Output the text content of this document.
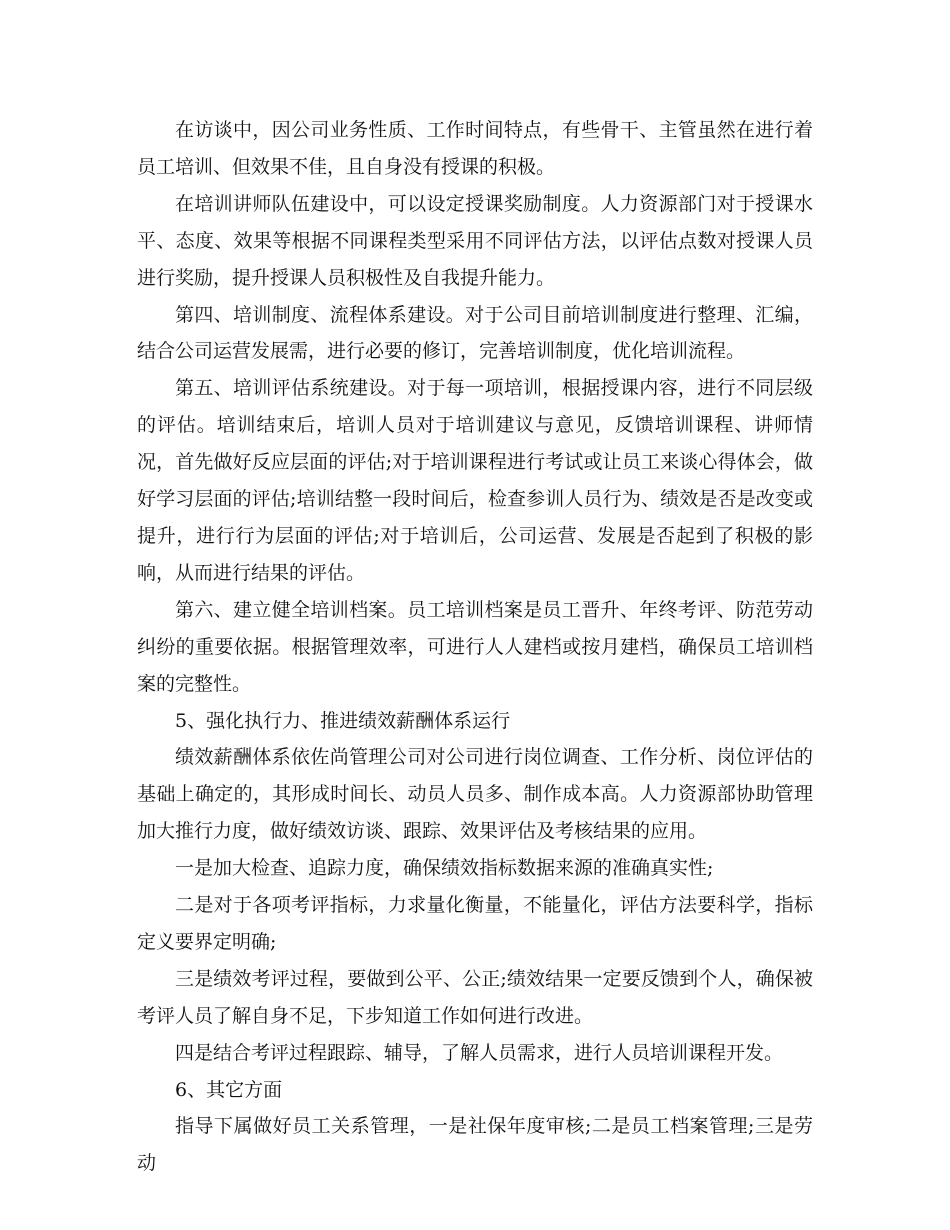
在访谈中，因公司业务性质、工作时间特点，有些骨干、主管虽然在进行着员工培训、但效果不佳，且自身没有授课的积极。

在培训讲师队伍建设中，可以设定授课奖励制度。人力资源部门对于授课水平、态度、效果等根据不同课程类型采用不同评估方法，以评估点数对授课人员进行奖励，提升授课人员积极性及自我提升能力。

第四、培训制度、流程体系建设。对于公司目前培训制度进行整理、汇编，结合公司运营发展需，进行必要的修订，完善培训制度，优化培训流程。

第五、培训评估系统建设。对于每一项培训，根据授课内容，进行不同层级的评估。培训结束后，培训人员对于培训建议与意见，反馈培训课程、讲师情况，首先做好反应层面的评估;对于培训课程进行考试或让员工来谈心得体会，做好学习层面的评估;培训结整一段时间后，检查参训人员行为、绩效是否是改变或提升，进行行为层面的评估;对于培训后，公司运营、发展是否起到了积极的影响，从而进行结果的评估。

第六、建立健全培训档案。员工培训档案是员工晋升、年终考评、防范劳动纠纷的重要依据。根据管理效率，可进行人人建档或按月建档，确保员工培训档案的完整性。

5、强化执行力、推进绩效薪酬体系运行

绩效薪酬体系依佐尚管理公司对公司进行岗位调查、工作分析、岗位评估的基础上确定的，其形成时间长、动员人员多、制作成本高。人力资源部协助管理加大推行力度，做好绩效访谈、跟踪、效果评估及考核结果的应用。

一是加大检查、追踪力度，确保绩效指标数据来源的准确真实性;

二是对于各项考评指标，力求量化衡量，不能量化，评估方法要科学，指标定义要界定明确;

三是绩效考评过程，要做到公平、公正;绩效结果一定要反馈到个人，确保被考评人员了解自身不足，下步知道工作如何进行改进。

四是结合考评过程跟踪、辅导，了解人员需求，进行人员培训课程开发。

6、其它方面

指导下属做好员工关系管理，一是社保年度审核;二是员工档案管理;三是劳动
